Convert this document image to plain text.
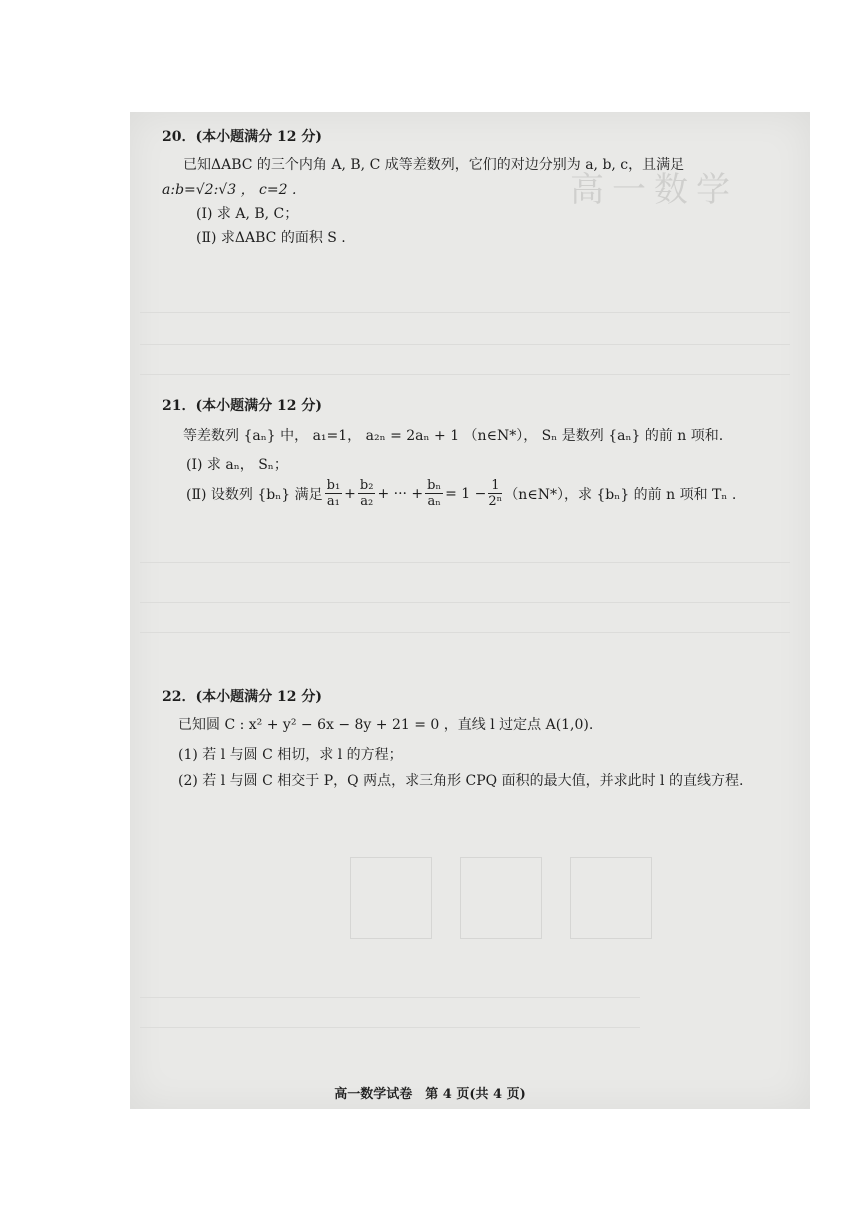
高一数学
20．(本小题满分 12 分)
已知ΔABC 的三个内角 A, B, C 成等差数列，它们的对边分别为 a, b, c，且满足
a:b=√2:√3 ， c=2 .
(Ⅰ) 求 A, B, C；
(Ⅱ) 求ΔABC 的面积 S .
21．(本小题满分 12 分)
等差数列 {aₙ} 中， a₁=1， a₂ₙ = 2aₙ + 1 （n∈N*）， Sₙ 是数列 {aₙ} 的前 n 项和.
(Ⅰ) 求 aₙ， Sₙ；
(Ⅱ) 设数列 {bₙ} 满足 $\frac{\text{b₁}}{\text{a₁}} + \frac{\text{b₂}}{\text{a₂}}$ + ··· + $\frac{\text{bₙ}}{\text{aₙ}} = 1 - \frac{1}{\text{2ⁿ}}$ （n∈N*），求 {bₙ} 的前 n 项和 Tₙ .
22．(本小题满分 12 分)
已知圆 C : x² + y² − 6x − 8y + 21 = 0 ，直线 l 过定点 A(1,0).
(1) 若 l 与圆 C 相切，求 l 的方程；
(2) 若 l 与圆 C 相交于 P，Q 两点，求三角形 CPQ 面积的最大值，并求此时 l 的直线方程.
高一数学试卷　第 4 页(共 4 页)
